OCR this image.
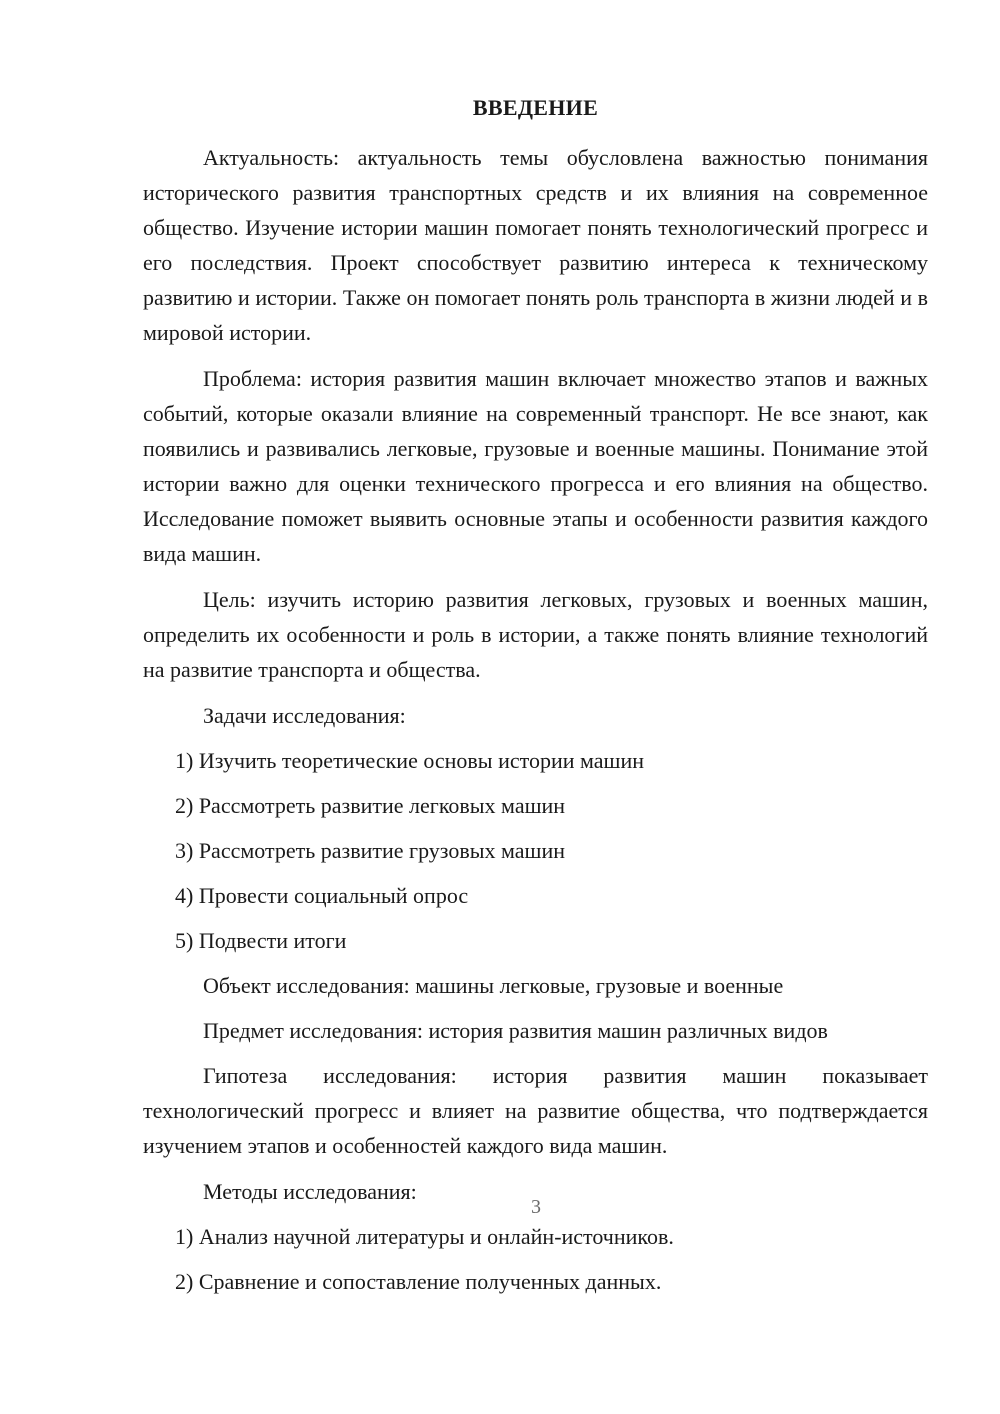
ВВЕДЕНИЕ
Актуальность: актуальность темы обусловлена важностью понимания исторического развития транспортных средств и их влияния на современное общество. Изучение истории машин помогает понять технологический прогресс и его последствия. Проект способствует развитию интереса к техническому развитию и истории. Также он помогает понять роль транспорта в жизни людей и в мировой истории.
Проблема: история развития машин включает множество этапов и важных событий, которые оказали влияние на современный транспорт. Не все знают, как появились и развивались легковые, грузовые и военные машины. Понимание этой истории важно для оценки технического прогресса и его влияния на общество. Исследование поможет выявить основные этапы и особенности развития каждого вида машин.
Цель: изучить историю развития легковых, грузовых и военных машин, определить их особенности и роль в истории, а также понять влияние технологий на развитие транспорта и общества.
Задачи исследования:
1) Изучить теоретические основы истории машин
2) Рассмотреть развитие легковых машин
3) Рассмотреть развитие грузовых машин
4) Провести социальный опрос
5) Подвести итоги
Объект исследования: машины легковые, грузовые и военные
Предмет исследования: история развития машин различных видов
Гипотеза исследования: история развития машин показывает технологический прогресс и влияет на развитие общества, что подтверждается изучением этапов и особенностей каждого вида машин.
Методы исследования:
1) Анализ научной литературы и онлайн-источников.
2) Сравнение и сопоставление полученных данных.
3
